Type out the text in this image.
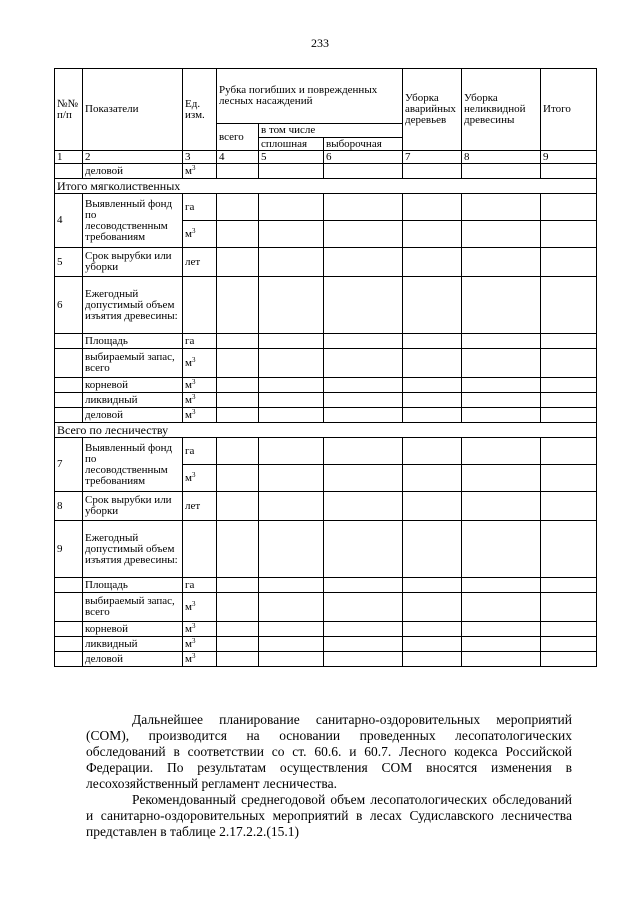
233
№№ п/п	Показатели	Ед. изм.	Рубка погибших и поврежденных лесных насаждений			Уборка аварийных деревьев	Уборка неликвидной древесины	Итого
			всего	в том числе				
				сплошная	выборочная			
1	2	3	4	5	6	7	8	9
	деловой	$м^3$						
Итого мягколиственных								
4	Выявленный фонд по лесоводственным требованиям	га						
		$м^3$						
5	Срок вырубки или уборки	лет						
6	Ежегодный допустимый объем изъятия древесины:							
	Площадь	га						
	выбираемый запас, всего	$м^3$						
	корневой	$м^3$						
	ликвидный	$м^3$						
	деловой	$м^3$						
Всего по лесничеству								
7	Выявленный фонд по лесоводственным требованиям	га						
		$м^3$						
8	Срок вырубки или уборки	лет						
9	Ежегодный допустимый объем изъятия древесины:							
	Площадь	га						
	выбираемый запас, всего	$м^3$						
	корневой	$м^3$						
	ликвидный	$м^3$						
	деловой	$м^3$						

Дальнейшее планирование санитарно-оздоровительных мероприятий (СОМ), производится на основании проведенных лесопатологических обследований в соответствии со ст. 60.6. и 60.7. Лесного кодекса Российской Федерации. По результатам осуществления СОМ вносятся изменения в лесохозяйственный регламент лесничества.

Рекомендованный среднегодовой объем лесопатологических обследований и санитарно-оздоровительных мероприятий в лесах Судиславского лесничества представлен в таблице 2.17.2.2.(15.1)
